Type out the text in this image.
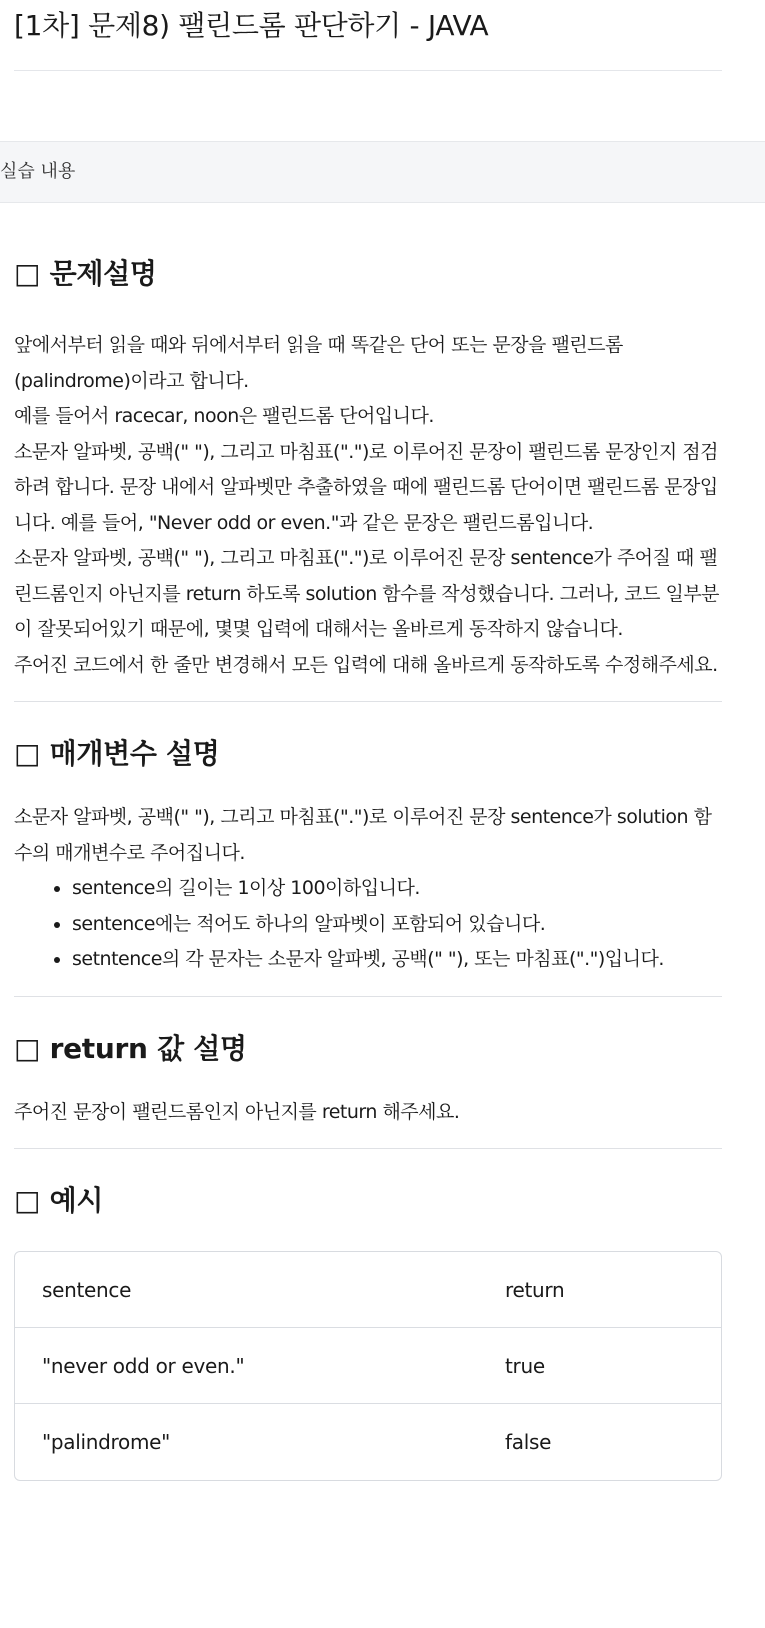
[1차] 문제8) 팰린드롬 판단하기 - JAVA
실습 내용
□ 문제설명

앞에서부터 읽을 때와 뒤에서부터 읽을 때 똑같은 단어 또는 문장을 팰린드롬(palindrome)이라고 합니다.

예를 들어서 racecar, noon은 팰린드롬 단어입니다.

소문자 알파벳, 공백(" "), 그리고 마침표(".")로 이루어진 문장이 팰린드롬 문장인지 점검하려 합니다. 문장 내에서 알파벳만 추출하였을 때에 팰린드롬 단어이면 팰린드롬 문장입니다. 예를 들어, "Never odd or even."과 같은 문장은 팰린드롬입니다.

소문자 알파벳, 공백(" "), 그리고 마침표(".")로 이루어진 문장 sentence가 주어질 때 팰린드롬인지 아닌지를 return 하도록 solution 함수를 작성했습니다. 그러나, 코드 일부분이 잘못되어있기 때문에, 몇몇 입력에 대해서는 올바르게 동작하지 않습니다.

주어진 코드에서 한 줄만 변경해서 모든 입력에 대해 올바르게 동작하도록 수정해주세요.

□ 매개변수 설명

소문자 알파벳, 공백(" "), 그리고 마침표(".")로 이루어진 문장 sentence가 solution 함수의 매개변수로 주어집니다.

• sentence의 길이는 1이상 100이하입니다.
• sentence에는 적어도 하나의 알파벳이 포함되어 있습니다.
• setntence의 각 문자는 소문자 알파벳, 공백(" "), 또는 마침표(".")입니다.
□ return 값 설명

주어진 문장이 팰린드롬인지 아닌지를 return 해주세요.

□ 예시
sentence	return
"never odd or even."	true
"palindrome"	false
